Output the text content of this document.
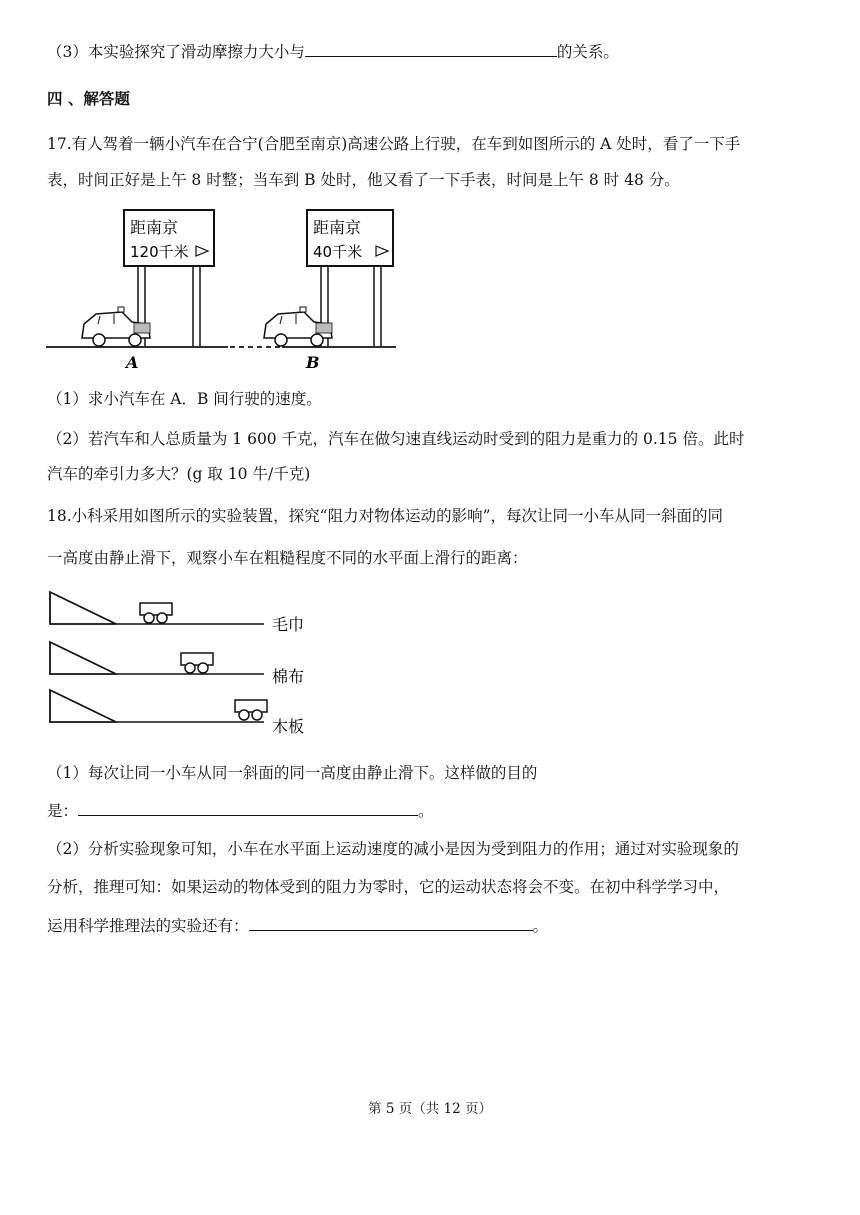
（3）本实验探究了滑动摩擦力大小与	的关系。
四 、解答题
17.有人驾着一辆小汽车在合宁(合肥至南京)高速公路上行驶，在车到如图所示的 A 处时，看了一下手
表，时间正好是上午 8 时整；当车到 B 处时，他又看了一下手表，时间是上午 8 时 48 分。
距南京
120千米
距南京
40千米
A	B
（1）求小汽车在 A．B 间行驶的速度。
（2）若汽车和人总质量为 1 600 千克，汽车在做匀速直线运动时受到的阻力是重力的 0.15 倍。此时
汽车的牵引力多大？(g 取 10 牛/千克)
18.小科采用如图所示的实验装置，探究“阻力对物体运动的影响”，每次让同一小车从同一斜面的同
一高度由静止滑下，观察小车在粗糙程度不同的水平面上滑行的距离：
毛巾
棉布
木板
（1）每次让同一小车从同一斜面的同一高度由静止滑下。这样做的目的
是：	。
（2）分析实验现象可知，小车在水平面上运动速度的减小是因为受到阻力的作用；通过对实验现象的
分析，推理可知：如果运动的物体受到的阻力为零时，它的运动状态将会不变。在初中科学学习中，
运用科学推理法的实验还有：	。
第 5 页（共 12 页）
